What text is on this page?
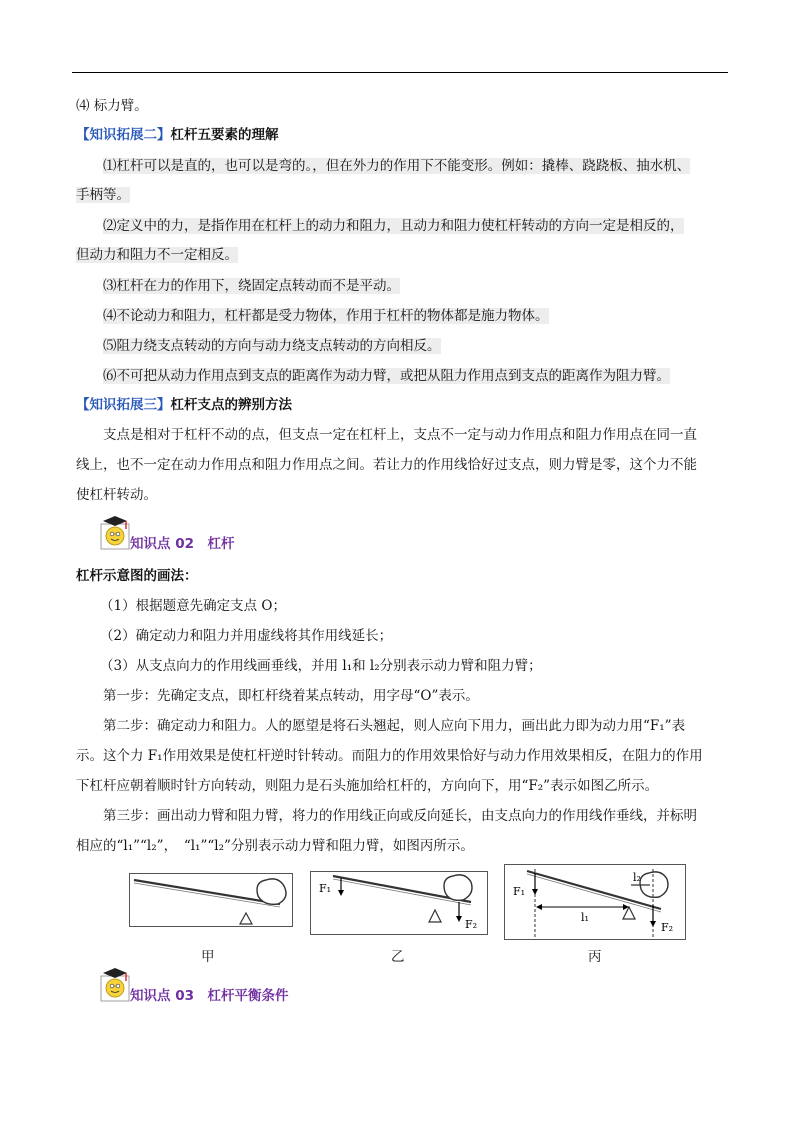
⑷ 标力臂。
【知识拓展二】杠杆五要素的理解
⑴杠杆可以是直的，也可以是弯的。，但在外力的作用下不能变形。例如：撬棒、跷跷板、抽水机、
手柄等。
⑵定义中的力，是指作用在杠杆上的动力和阻力，且动力和阻力使杠杆转动的方向一定是相反的，
但动力和阻力不一定相反。
⑶杠杆在力的作用下，绕固定点转动而不是平动。
⑷不论动力和阻力，杠杆都是受力物体，作用于杠杆的物体都是施力物体。
⑸阻力绕支点转动的方向与动力绕支点转动的方向相反。
⑹不可把从动力作用点到支点的距离作为动力臂，或把从阻力作用点到支点的距离作为阻力臂。
【知识拓展三】杠杆支点的辨别方法
支点是相对于杠杆不动的点，但支点一定在杠杆上，支点不一定与动力作用点和阻力作用点在同一直
线上，也不一定在动力作用点和阻力作用点之间。若让力的作用线恰好过支点，则力臂是零，这个力不能
使杠杆转动。
知识点 02　杠杆
杠杆示意图的画法：
（1）根据题意先确定支点 O；
（2）确定动力和阻力并用虚线将其作用线延长；
（3）从支点向力的作用线画垂线，并用 l₁和 l₂分别表示动力臂和阻力臂；
第一步：先确定支点，即杠杆绕着某点转动，用字母“O”表示。
第二步：确定动力和阻力。人的愿望是将石头翘起，则人应向下用力，画出此力即为动力用“F₁”表
示。这个力 F₁作用效果是使杠杆逆时针转动。而阻力的作用效果恰好与动力作用效果相反，在阻力的作用
下杠杆应朝着顺时针方向转动，则阻力是石头施加给杠杆的，方向向下，用“F₂”表示如图乙所示。
第三步：画出动力臂和阻力臂，将力的作用线正向或反向延长，由支点向力的作用线作垂线，并标明
相应的“l₁”“l₂”，　“l₁”“l₂”分别表示动力臂和阻力臂，如图丙所示。
甲
F₁
F₂
乙
F₁
l₁
l₂
F₂
丙
知识点 03　杠杆平衡条件
